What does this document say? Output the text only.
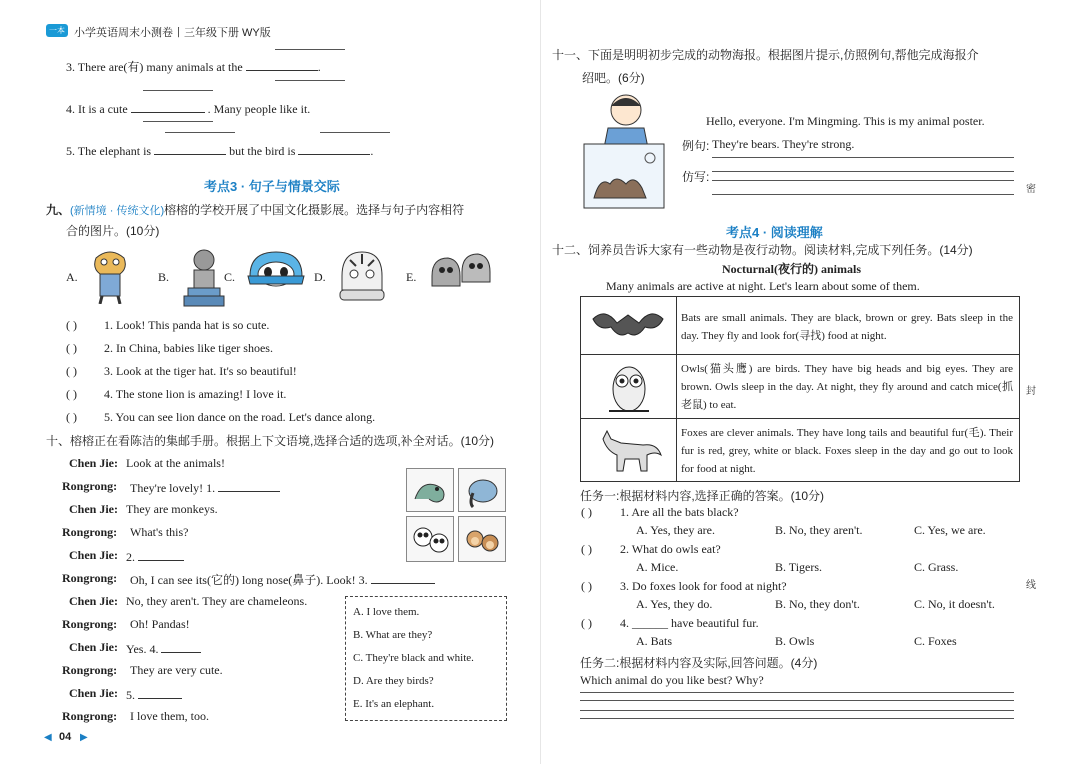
一本 小学英语周末小测卷丨三年级下册 WY版
3. There are(有) many animals at the	.
4. It is a cute	. Many people like it.
5. The elephant is	but the bird is	.
考点3 · 句子与情景交际
九、(新情境 · 传统文化)榕榕的学校开展了中国文化摄影展。选择与句子内容相符
合的图片。(10分)
A.	B.	C.	D.	E.
( ) 1. Look! This panda hat is so cute.
( ) 2. In China, babies like tiger shoes.
( ) 3. Look at the tiger hat. It's so beautiful!
( ) 4. The stone lion is amazing! I love it.
( ) 5. You can see lion dance on the road. Let's dance along.
十、榕榕正在看陈洁的集邮手册。根据上下文语境,选择合适的选项,补全对话。(10分)
Chen Jie: Look at the animals!
Rongrong: They're lovely! 1.
Chen Jie: They are monkeys.
Rongrong: What's this?
Chen Jie: 2.
Rongrong: Oh, I can see its(它的) long nose(鼻子). Look! 3.
Chen Jie: No, they aren't. They are chameleons.
Rongrong: Oh! Pandas!
Chen Jie: Yes. 4.
Rongrong: They are very cute.
Chen Jie: 5.
Rongrong: I love them, too.
A. I love them.
B. What are they?
C. They're black and white.
D. Are they birds?
E. It's an elephant.
◀ 04 ▶
十一、下面是明明初步完成的动物海报。根据图片提示,仿照例句,帮他完成海报介
绍吧。(6分)
Hello, everyone. I'm Mingming. This is my animal poster.
例句: They're bears. They're strong.
仿写:
考点4 · 阅读理解
十二、饲养员告诉大家有一些动物是夜行动物。阅读材料,完成下列任务。(14分)
Nocturnal(夜行的) animals
Many animals are active at night. Let's learn about some of them.
Bats are small animals. They are black, brown or grey. Bats sleep in the day. They fly and look for(寻找) food at night.
Owls(猫头鹰) are birds. They have big heads and big eyes. They are brown. Owls sleep in the day. At night, they fly around and catch mice(抓老鼠) to eat.
Foxes are clever animals. They have long tails and beautiful fur(毛). Their fur is red, grey, white or black. Foxes sleep in the day and go out to look for food at night.
任务一:根据材料内容,选择正确的答案。(10分)
( ) 1. Are all the bats black?
A. Yes, they are.	B. No, they aren't.	C. Yes, we are.
( ) 2. What do owls eat?
A. Mice.	B. Tigers.	C. Grass.
( ) 3. Do foxes look for food at night?
A. Yes, they do.	B. No, they don't.	C. No, it doesn't.
( ) 4. ______ have beautiful fur.
A. Bats	B. Owls	C. Foxes
任务二:根据材料内容及实际,回答问题。(4分)
Which animal do you like best? Why?
密
封
线
